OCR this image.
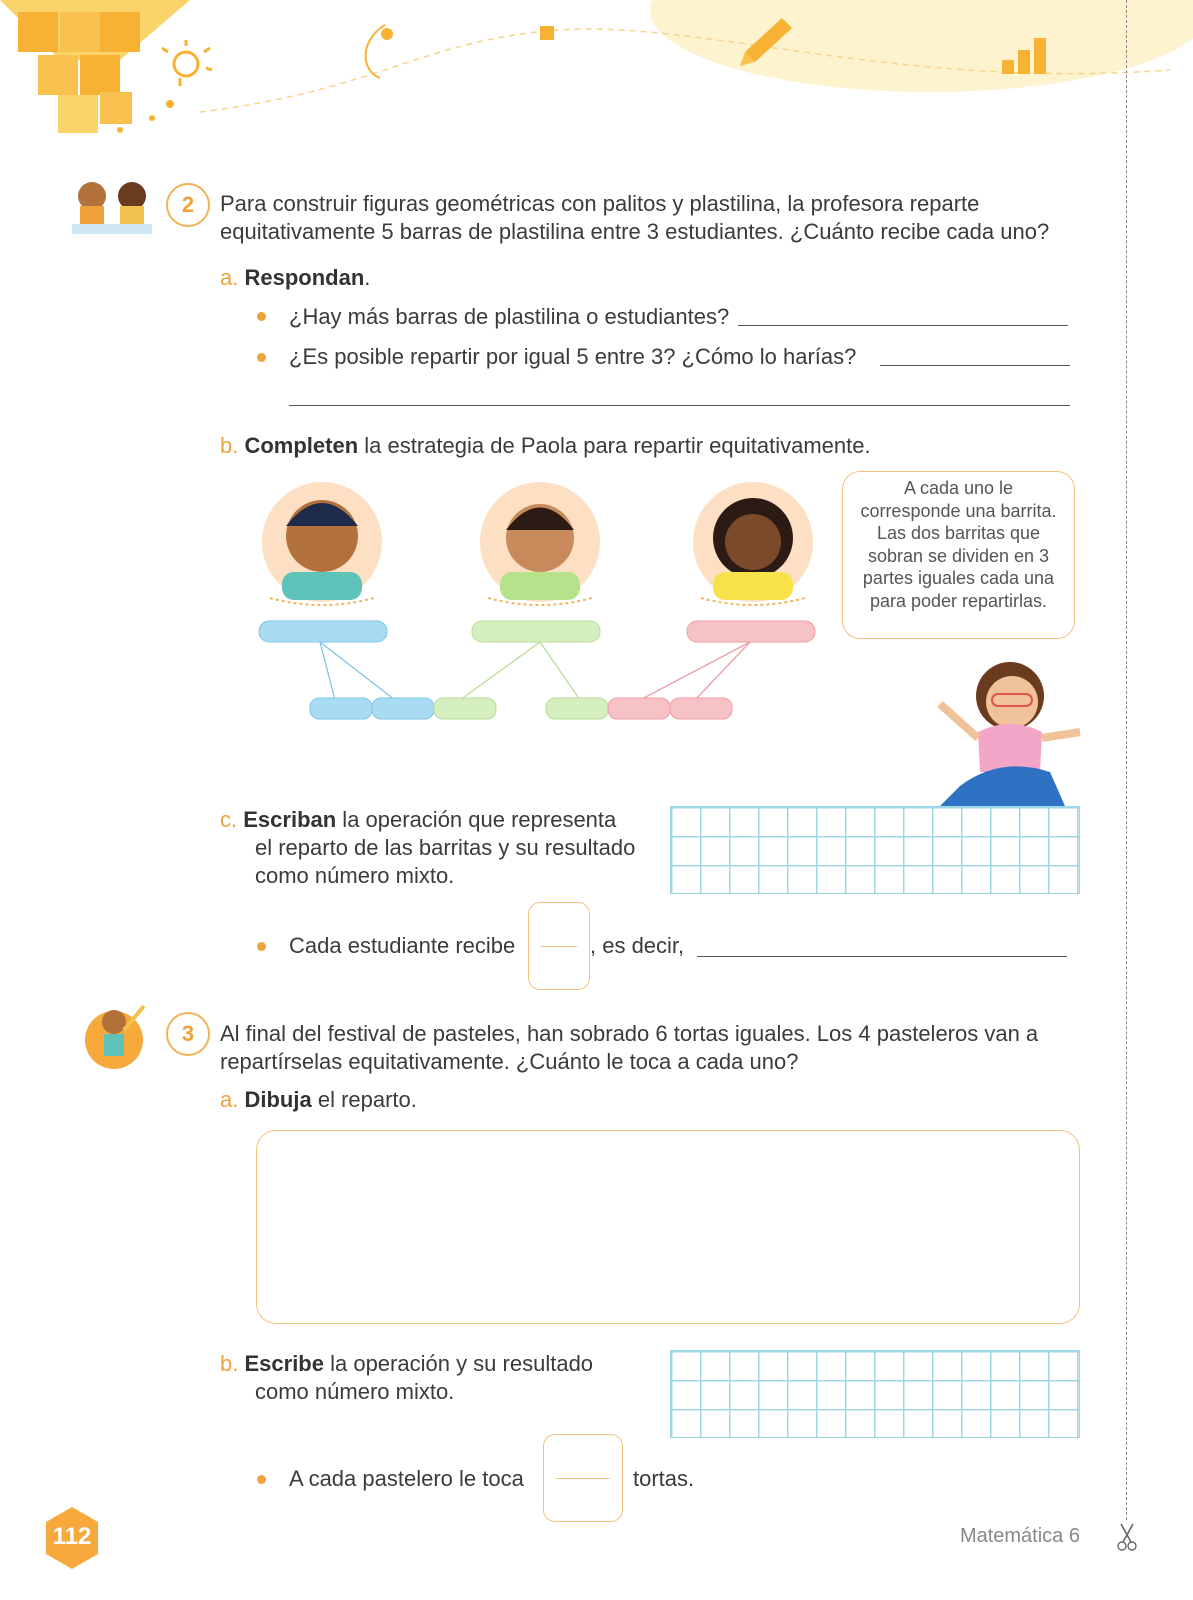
2	Para construir figuras geométricas con palitos y plastilina, la profesora reparte
equitativamente 5 barras de plastilina entre 3 estudiantes. ¿Cuánto recibe cada uno?
a. Respondan.
¿Hay más barras de plastilina o estudiantes?
¿Es posible repartir por igual 5 entre 3? ¿Cómo lo harías?
b. Completen la estrategia de Paola para repartir equitativamente.
A cada uno le corresponde una barrita. Las dos barritas que sobran se dividen en 3 partes iguales cada una para poder repartirlas.
c. Escriban la operación que representa
el reparto de las barritas y su resultado
como número mixto.
Cada estudiante recibe	, es decir,
3	Al final del festival de pasteles, han sobrado 6 tortas iguales. Los 4 pasteleros van a
repartírselas equitativamente. ¿Cuánto le toca a cada uno?
a. Dibuja el reparto.
b. Escribe la operación y su resultado
como número mixto.
A cada pastelero le toca	tortas.
112	Matemática 6
